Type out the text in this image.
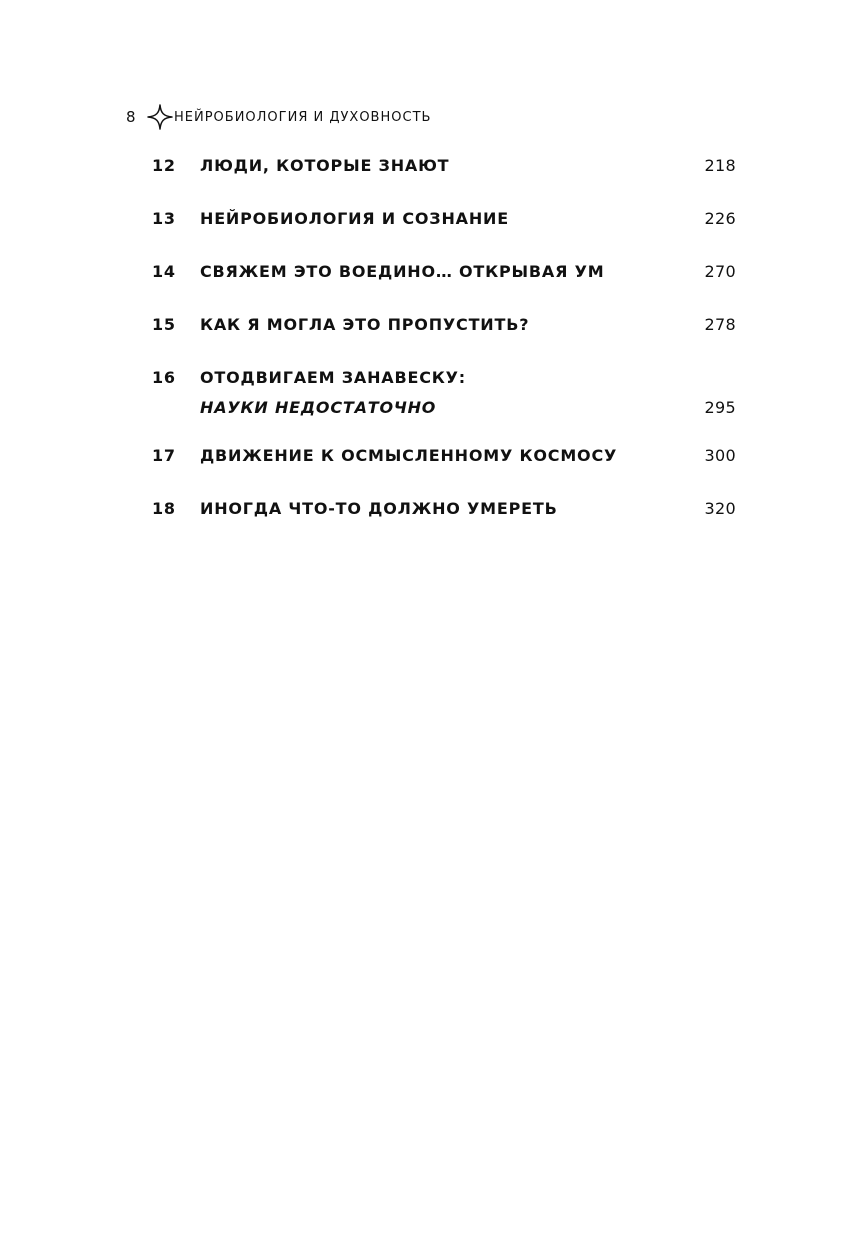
8	НЕЙРОБИОЛОГИЯ И ДУХОВНОСТЬ
12	ЛЮДИ, КОТОРЫЕ ЗНАЮТ	218
13	НЕЙРОБИОЛОГИЯ И СОЗНАНИЕ	226
14	СВЯЖЕМ ЭТО ВОЕДИНО… ОТКРЫВАЯ УМ	270
15	КАК Я МОГЛА ЭТО ПРОПУСТИТЬ?	278
16	ОТОДВИГАЕМ ЗАНАВЕСКУ:
НАУКИ НЕДОСТАТОЧНО	295
17	ДВИЖЕНИЕ К ОСМЫСЛЕННОМУ КОСМОСУ	300
18	ИНОГДА ЧТО-ТО ДОЛЖНО УМЕРЕТЬ	320
